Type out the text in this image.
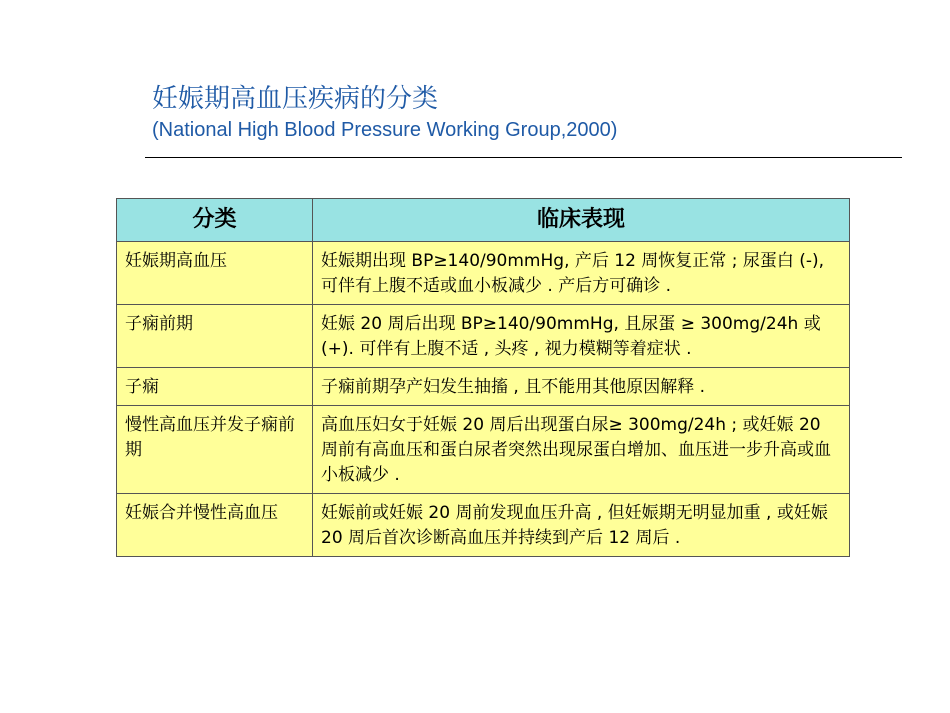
妊娠期高血压疾病的分类
(National High Blood Pressure Working Group,2000)
分类	临床表现
妊娠期高血压	妊娠期出现 BP≥140/90mmHg, 产后 12 周恢复正常 ; 尿蛋白 (-), 可伴有上腹不适或血小板减少 . 产后方可确诊 .
子痫前期	妊娠 20 周后出现 BP≥140/90mmHg, 且尿蛋 ≥ 300mg/24h 或 (+). 可伴有上腹不适 , 头疼 , 视力模糊等着症状 .
子痫	子痫前期孕产妇发生抽搐 , 且不能用其他原因解释 .
慢性高血压并发子痫前期	高血压妇女于妊娠 20 周后出现蛋白尿≥ 300mg/24h ; 或妊娠 20 周前有高血压和蛋白尿者突然出现尿蛋白增加、血压进一步升高或血小板减少 .
妊娠合并慢性高血压	妊娠前或妊娠 20 周前发现血压升高 , 但妊娠期无明显加重 , 或妊娠 20 周后首次诊断高血压并持续到产后 12 周后 .
